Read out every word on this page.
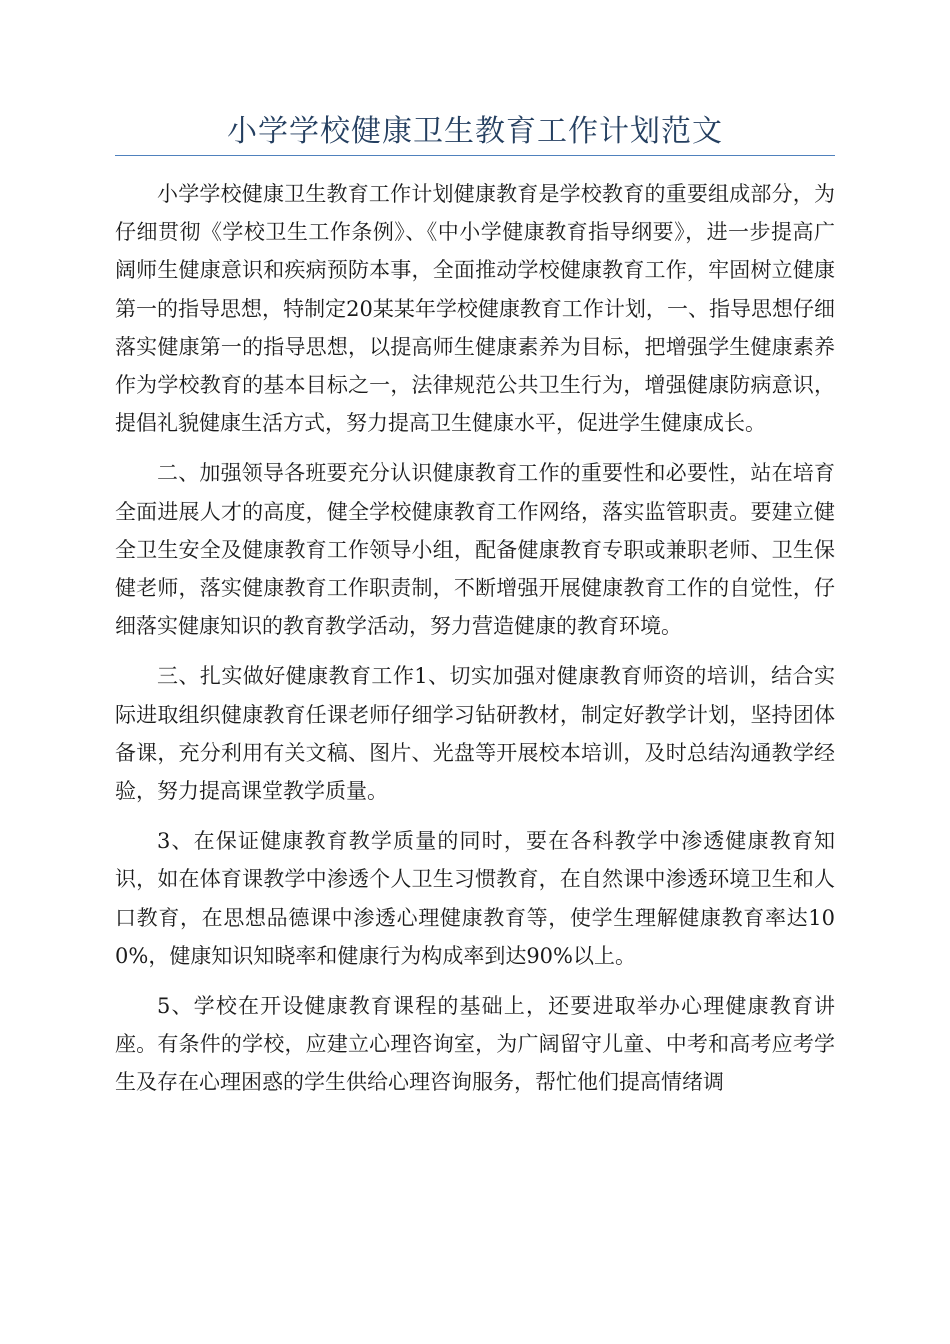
小学学校健康卫生教育工作计划范文

小学学校健康卫生教育工作计划健康教育是学校教育的重要组成部分，为仔细贯彻《学校卫生工作条例》、《中小学健康教育指导纲要》，进一步提高广阔师生健康意识和疾病预防本事，全面推动学校健康教育工作，牢固树立健康第一的指导思想，特制定20某某年学校健康教育工作计划，一、指导思想仔细落实健康第一的指导思想，以提高师生健康素养为目标，把增强学生健康素养作为学校教育的基本目标之一，法律规范公共卫生行为，增强健康防病意识，提倡礼貌健康生活方式，努力提高卫生健康水平，促进学生健康成长。

二、加强领导各班要充分认识健康教育工作的重要性和必要性，站在培育全面进展人才的高度，健全学校健康教育工作网络，落实监管职责。要建立健全卫生安全及健康教育工作领导小组，配备健康教育专职或兼职老师、卫生保健老师，落实健康教育工作职责制，不断增强开展健康教育工作的自觉性，仔细落实健康知识的教育教学活动，努力营造健康的教育环境。

三、扎实做好健康教育工作1、切实加强对健康教育师资的培训，结合实际进取组织健康教育任课老师仔细学习钻研教材，制定好教学计划，坚持团体备课，充分利用有关文稿、图片、光盘等开展校本培训，及时总结沟通教学经验，努力提高课堂教学质量。

3、在保证健康教育教学质量的同时，要在各科教学中渗透健康教育知识，如在体育课教学中渗透个人卫生习惯教育，在自然课中渗透环境卫生和人口教育，在思想品德课中渗透心理健康教育等，使学生理解健康教育率达100%，健康知识知晓率和健康行为构成率到达90%以上。

5、学校在开设健康教育课程的基础上，还要进取举办心理健康教育讲座。有条件的学校，应建立心理咨询室，为广阔留守儿童、中考和高考应考学生及存在心理困惑的学生供给心理咨询服务，帮忙他们提高情绪调
